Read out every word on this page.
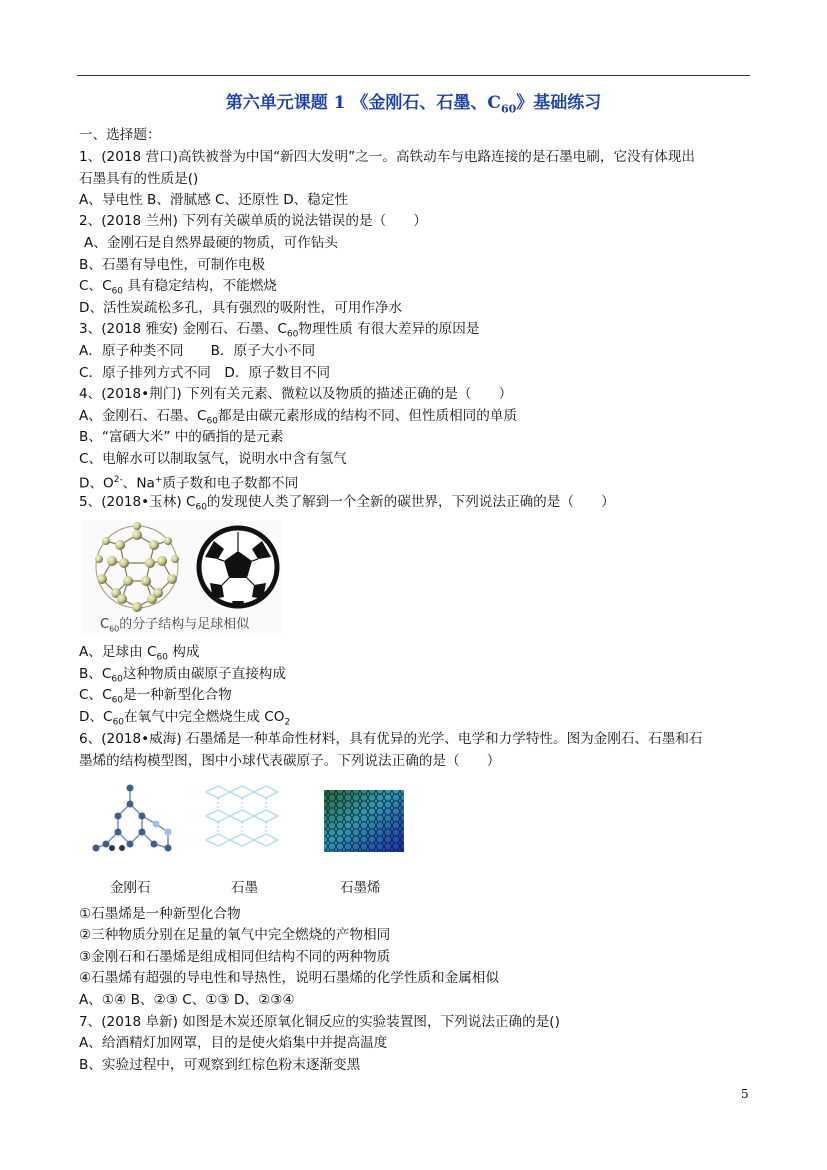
第六单元课题 1 《金刚石、石墨、$C_{60}$》基础练习
一、选择题：
1、(2018 营口)高铁被誉为中国“新四大发明”之一。高铁动车与电路连接的是石墨电刷，它没有体现出
石墨具有的性质是()
A、导电性 B、滑腻感 C、还原性 D、稳定性
2、(2018 兰州) 下列有关碳单质的说法错误的是（　　）
A、金刚石是自然界最硬的物质，可作钻头
B、石墨有导电性，可制作电极
C、$C_{60}$ 具有稳定结构，不能燃烧
D、活性炭疏松多孔，具有强烈的吸附性，可用作净水
3、(2018 雅安) 金刚石、石墨、$C_{60}$物理性质 有很大差异的原因是
A．原子种类不同　　B．原子大小不同
C．原子排列方式不同　D．原子数目不同
4、(2018•荆门) 下列有关元素、微粒以及物质的描述正确的是（　　）
A、金刚石、石墨、$C_{60}$都是由碳元素形成的结构不同、但性质相同的单质
B、“富硒大米” 中的硒指的是元素
C、电解水可以制取氢气，说明水中含有氢气
D、$O^{2-}$、Na+质子数和电子数都不同
5、(2018•玉林) $C_{60}$的发现使人类了解到一个全新的碳世界，下列说法正确的是（　　）
$C_{60}$的分子结构与足球相似
A、足球由 $C_{60}$ 构成
B、$C_{60}$这种物质由碳原子直接构成
C、$C_{60}$是一种新型化合物
D、$C_{60}$在氧气中完全燃烧生成 $CO_2$
6、(2018•威海) 石墨烯是一种革命性材料，具有优异的光学、电学和力学特性。图为金刚石、石墨和石
墨烯的结构模型图，图中小球代表碳原子。下列说法正确的是（　　）
金刚石	石墨	石墨烯
①石墨烯是一种新型化合物
②三种物质分别在足量的氧气中完全燃烧的产物相同
③金刚石和石墨烯是组成相同但结构不同的两种物质
④石墨烯有超强的导电性和导热性，说明石墨烯的化学性质和金属相似
A、①④ B、②③ C、①③ D、②③④
7、(2018 阜新) 如图是木炭还原氧化铜反应的实验装置图，下列说法正确的是()
A、给酒精灯加网罩，目的是使火焰集中并提高温度
B、实验过程中，可观察到红棕色粉末逐渐变黑
5
